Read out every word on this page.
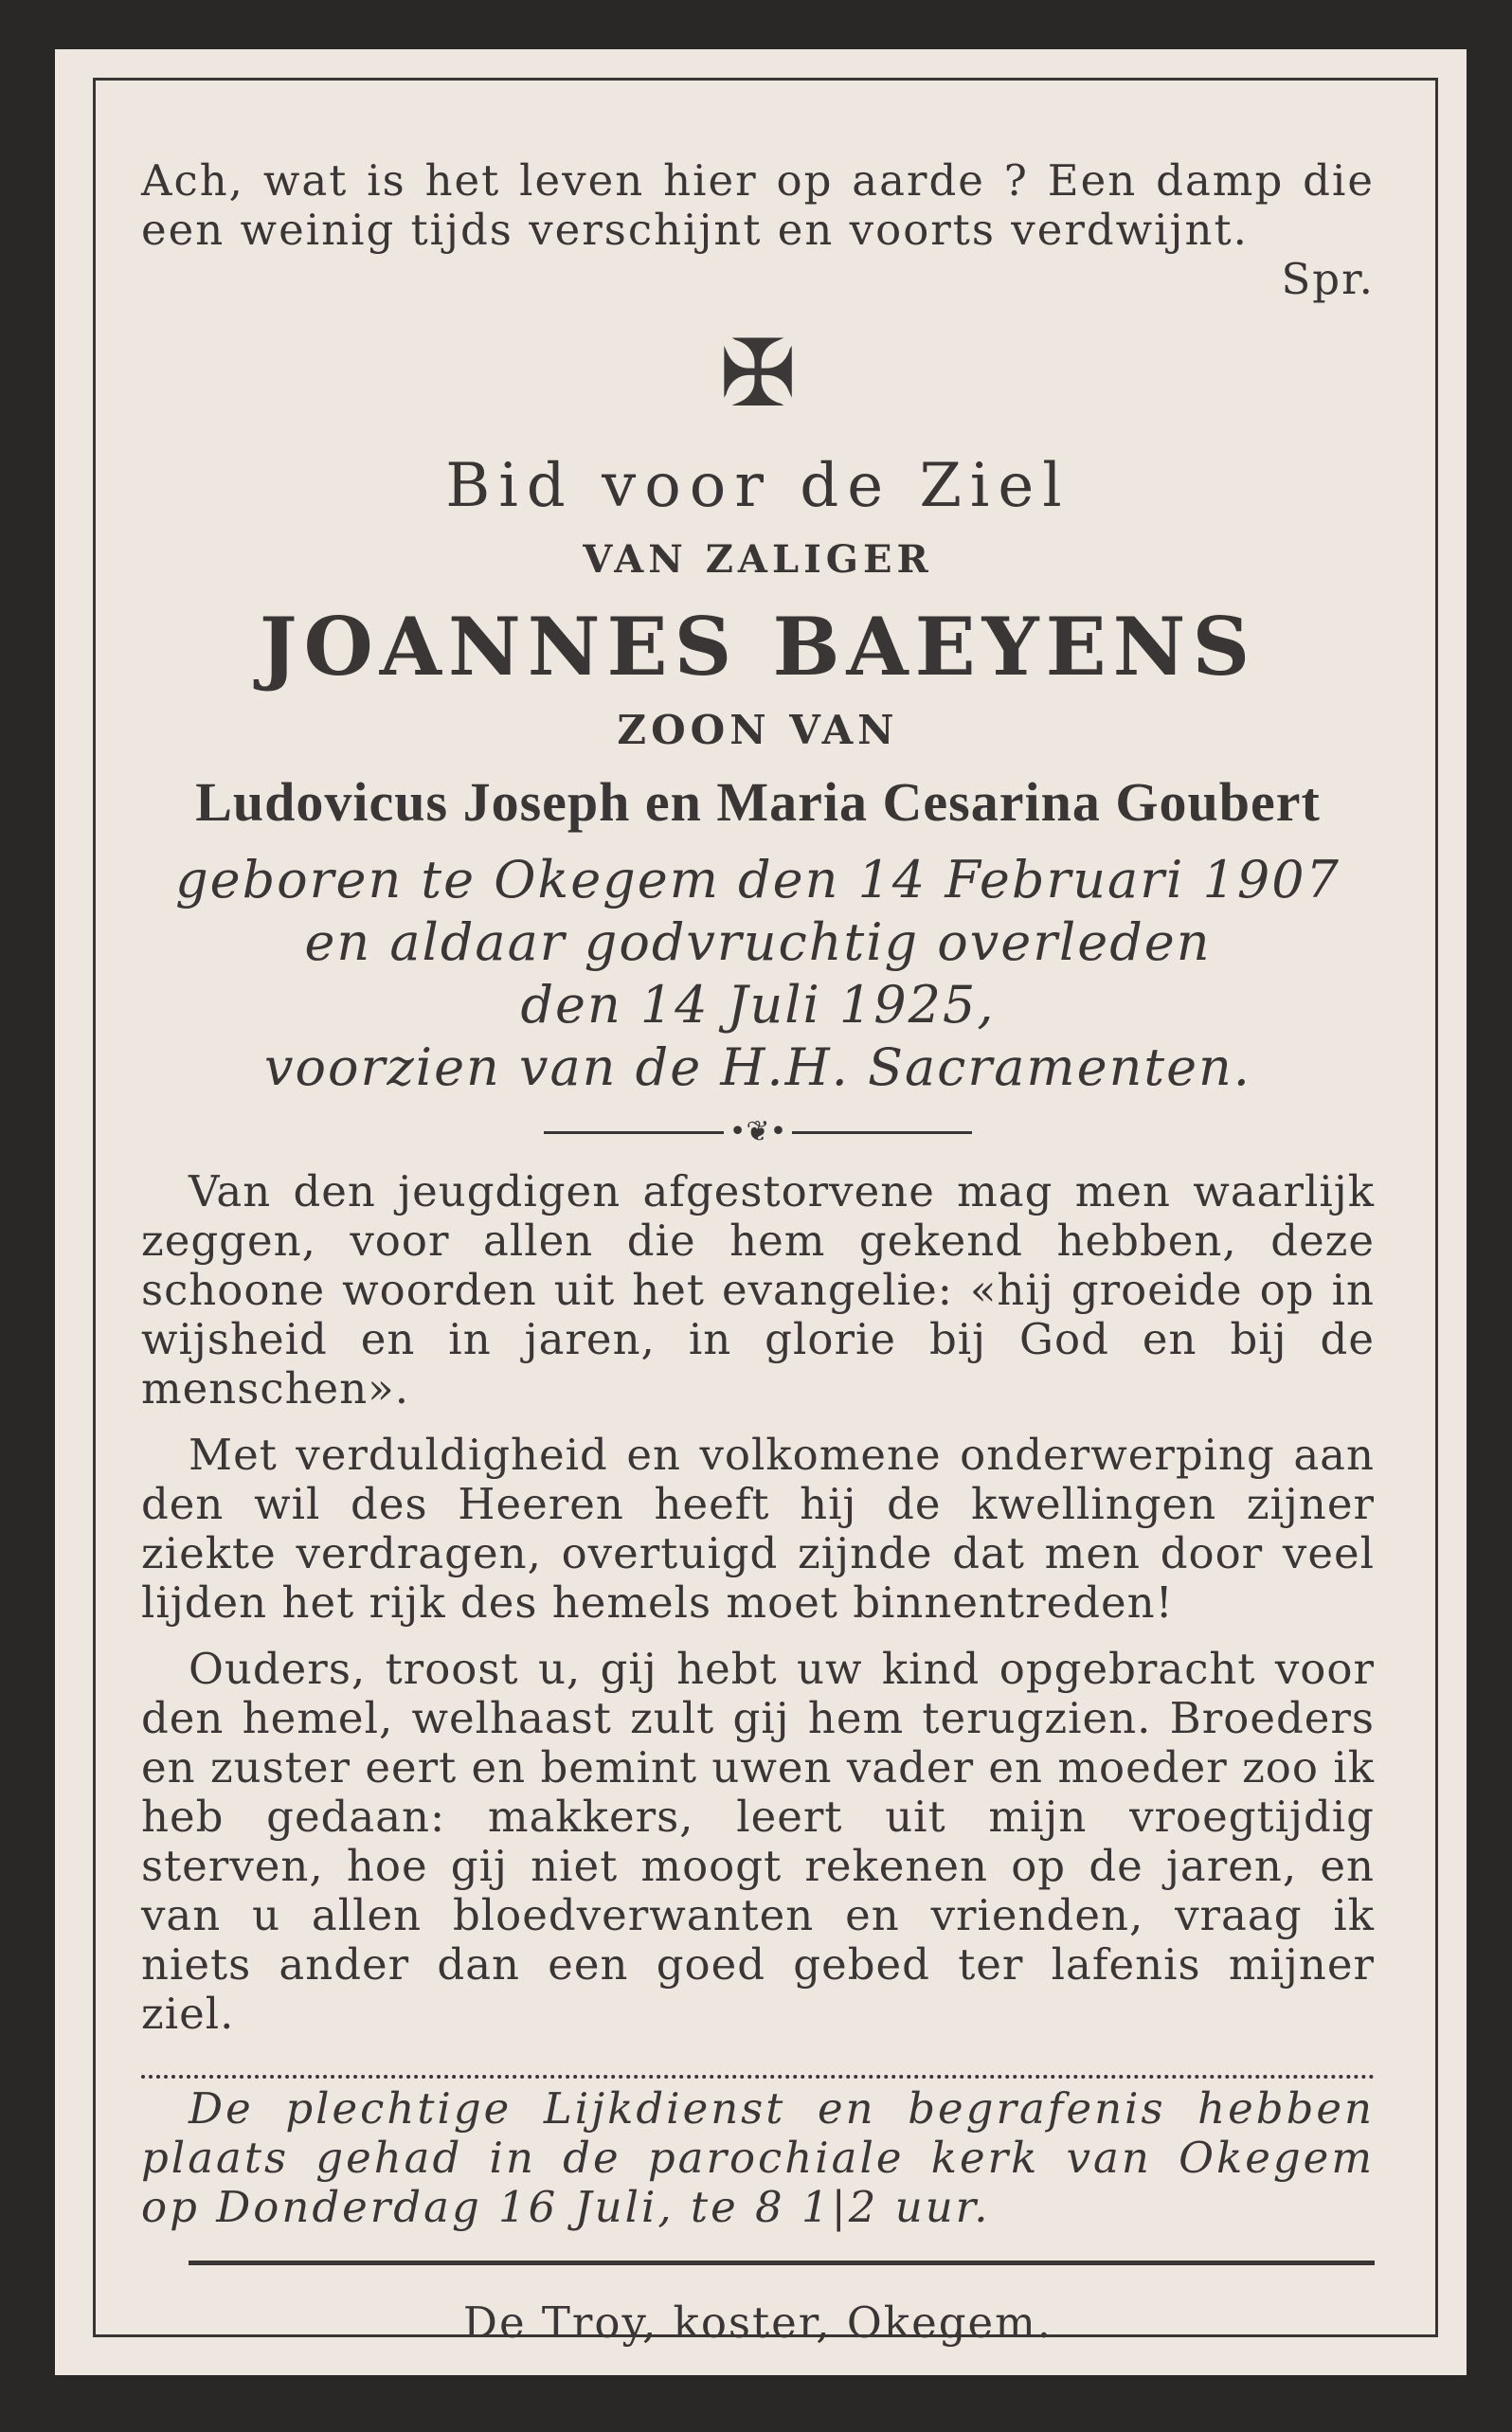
Ach, wat is het leven hier op aarde ? Een damp die een weinig tijds verschijnt en voorts verdwijnt.
Spr.
✠
Bid voor de Ziel
VAN ZALIGER
JOANNES BAEYENS
ZOON VAN
Ludovicus Joseph en Maria Cesarina Goubert
geboren te Okegem den 14 Februari 1907
en aldaar godvruchtig overleden
den 14 Juli 1925,
voorzien van de H.H. Sacramenten.
•❦•

Van den jeugdigen afgestorvene mag men waarlijk zeggen, voor allen die hem gekend hebben, deze schoone woorden uit het evangelie: «hij groeide op in wijsheid en in jaren, in glorie bij God en bij de menschen».

Met verduldigheid en volkomene onderwerping aan den wil des Heeren heeft hij de kwellingen zijner ziekte verdragen, overtuigd zijnde dat men door veel lijden het rijk des hemels moet binnentreden!

Ouders, troost u, gij hebt uw kind opgebracht voor den hemel, welhaast zult gij hem terugzien. Broeders en zuster eert en bemint uwen vader en moeder zoo ik heb gedaan: makkers, leert uit mijn vroegtijdig sterven, hoe gij niet moogt rekenen op de jaren, en van u allen bloedverwanten en vrienden, vraag ik niets ander dan een goed gebed ter lafenis mijner ziel.

De plechtige Lijkdienst en begrafenis hebben plaats gehad in de parochiale kerk van Okegem op Donderdag 16 Juli, te 8 1|2 uur.
De Troy, koster, Okegem.
